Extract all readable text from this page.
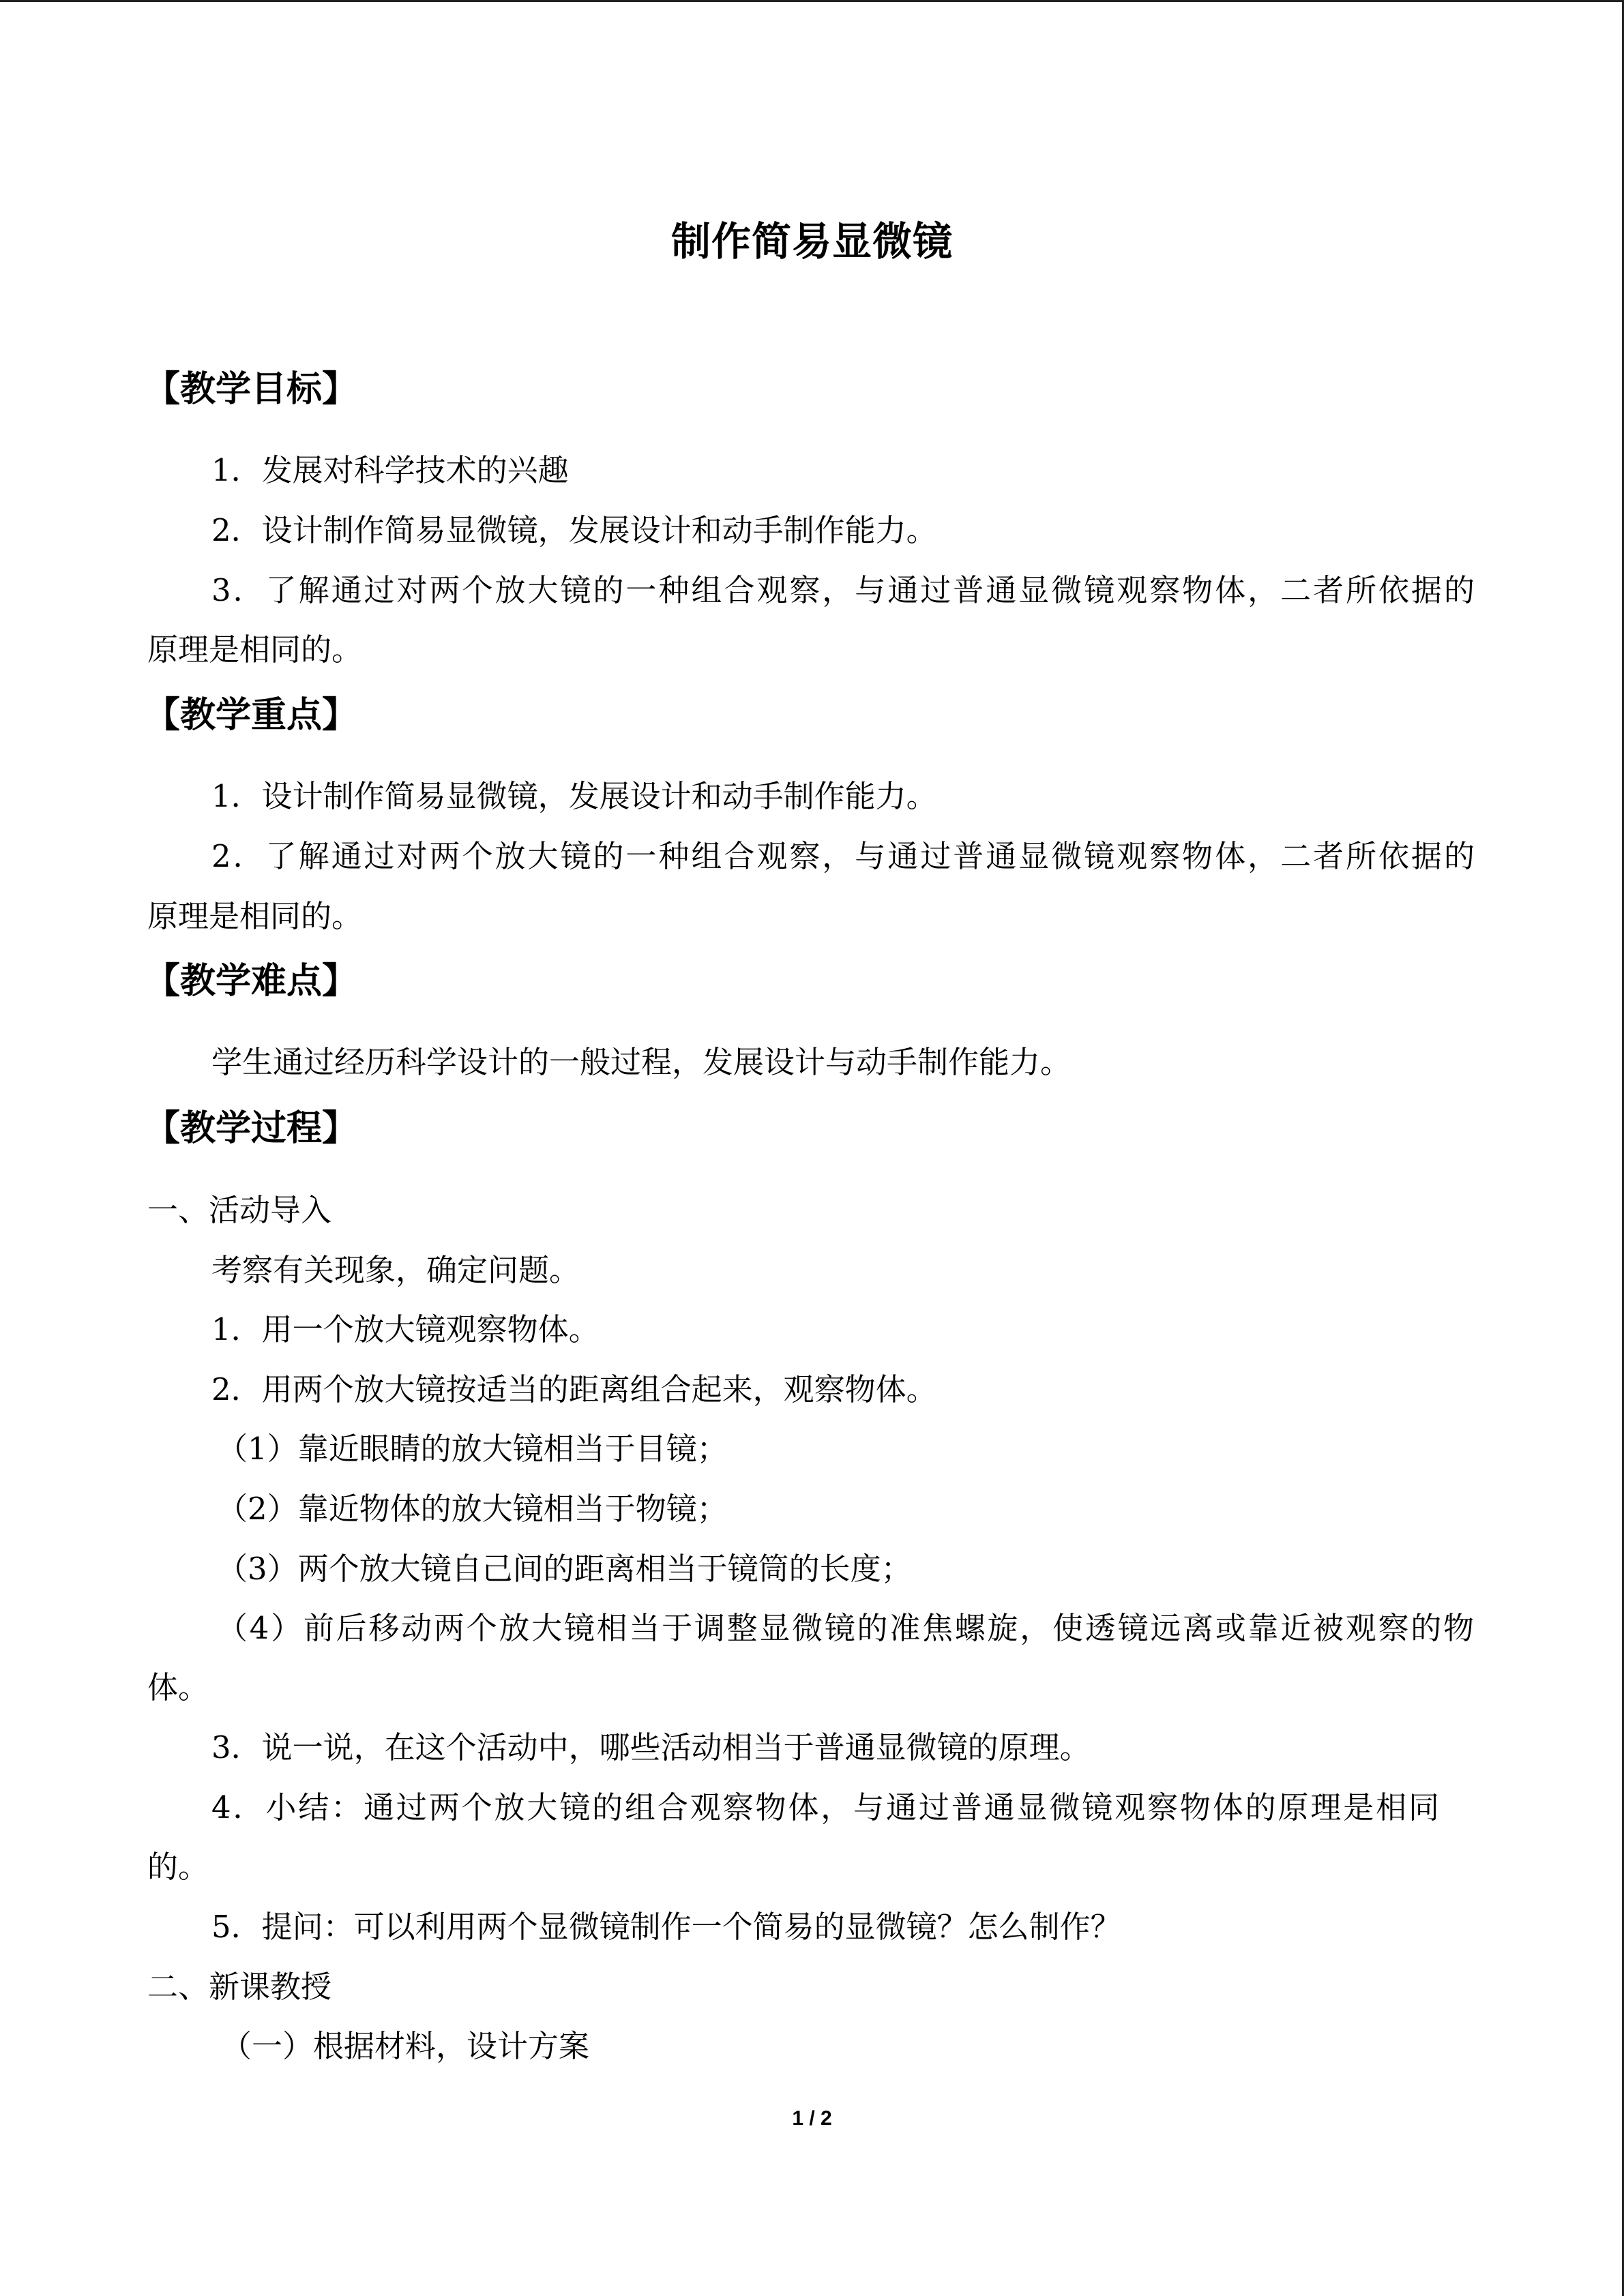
制作简易显微镜
【教学目标】
1．发展对科学技术的兴趣
2．设计制作简易显微镜，发展设计和动手制作能力。
3．了解通过对两个放大镜的一种组合观察，与通过普通显微镜观察物体，二者所依据的
原理是相同的。
【教学重点】
1．设计制作简易显微镜，发展设计和动手制作能力。
2．了解通过对两个放大镜的一种组合观察，与通过普通显微镜观察物体，二者所依据的
原理是相同的。
【教学难点】
学生通过经历科学设计的一般过程，发展设计与动手制作能力。
【教学过程】
一、活动导入
考察有关现象，确定问题。
1．用一个放大镜观察物体。
2．用两个放大镜按适当的距离组合起来，观察物体。
（1）靠近眼睛的放大镜相当于目镜；
（2）靠近物体的放大镜相当于物镜；
（3）两个放大镜自己间的距离相当于镜筒的长度；
（4）前后移动两个放大镜相当于调整显微镜的准焦螺旋，使透镜远离或靠近被观察的物
体。
3．说一说，在这个活动中，哪些活动相当于普通显微镜的原理。
4．小结：通过两个放大镜的组合观察物体，与通过普通显微镜观察物体的原理是相同
的。
5．提问：可以利用两个显微镜制作一个简易的显微镜？怎么制作？
二、新课教授
（一）根据材料，设计方案
1 / 2
